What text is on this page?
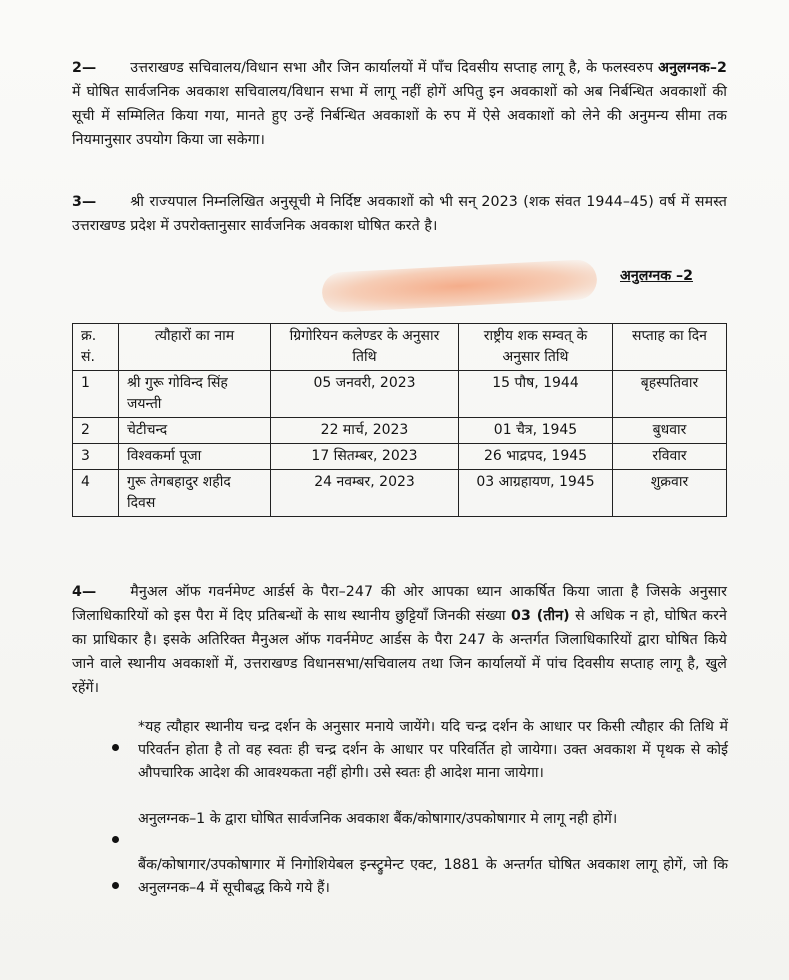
2— उत्तराखण्ड सचिवालय/विधान सभा और जिन कार्यालयों में पाँच दिवसीय सप्ताह लागू है, के फलस्वरुप अनुलग्नक–2 में घोषित सार्वजनिक अवकाश सचिवालय/विधान सभा में लागू नहीं होगें अपितु इन अवकाशों को अब निर्बन्धित अवकाशों की सूची में सम्मिलित किया गया, मानते हुए उन्हें निर्बन्धित अवकाशों के रुप में ऐसे अवकाशों को लेने की अनुमन्य सीमा तक नियमानुसार उपयोग किया जा सकेगा।

3— श्री राज्यपाल निम्नलिखित अनुसूची मे निर्दिष्ट अवकाशों को भी सन् 2023 (शक संवत 1944–45) वर्ष में समस्त उत्तराखण्ड प्रदेश में उपरोक्तानुसार सार्वजनिक अवकाश घोषित करते है।

अनुलग्नक –2
क्र. सं.	त्यौहारों का नाम	ग्रिगोरियन कलेण्डर के अनुसार तिथि	राष्ट्रीय शक सम्वत् के अनुसार तिथि	सप्ताह का दिन
1	श्री गुरू गोविन्द सिंह जयन्ती	05 जनवरी, 2023	15 पौष, 1944	बृहस्पतिवार
2	चेटीचन्द	22 मार्च, 2023	01 चैत्र, 1945	बुधवार
3	विश्वकर्मा पूजा	17 सितम्बर, 2023	26 भाद्रपद, 1945	रविवार
4	गुरू तेगबहादुर शहीद दिवस	24 नवम्बर, 2023	03 आग्रहायण, 1945	शुक्रवार

4— मैनुअल ऑफ गवर्नमेण्ट आर्डर्स के पैरा–247 की ओर आपका ध्यान आकर्षित किया जाता है जिसके अनुसार जिलाधिकारियों को इस पैरा में दिए प्रतिबन्धों के साथ स्थानीय छुट्टियाँ जिनकी संख्या 03 (तीन) से अधिक न हो, घोषित करने का प्राधिकार है। इसके अतिरिक्त मैनुअल ऑफ गवर्नमेण्ट आर्डस के पैरा 247 के अन्तर्गत जिलाधिकारियों द्वारा घोषित किये जाने वाले स्थानीय अवकाशों में, उत्तराखण्ड विधानसभा/सचिवालय तथा जिन कार्यालयों में पांच दिवसीय सप्ताह लागू है, खुले रहेंगें।

*यह त्यौहार स्थानीय चन्द्र दर्शन के अनुसार मनाये जायेंगे। यदि चन्द्र दर्शन के आधार पर किसी त्यौहार की तिथि में परिवर्तन होता है तो वह स्वतः ही चन्द्र दर्शन के आधार पर परिवर्तित हो जायेगा। उक्त अवकाश में पृथक से कोई औपचारिक आदेश की आवश्यकता नहीं होगी। उसे स्वतः ही आदेश माना जायेगा।
अनुलग्नक–1 के द्वारा घोषित सार्वजनिक अवकाश बैंक/कोषागार/उपकोषागार मे लागू नही होगें।
बैंक/कोषागार/उपकोषागार में निगोशियेबल इन्स्ट्रुमेन्ट एक्ट, 1881 के अन्तर्गत घोषित अवकाश लागू होगें, जो कि अनुलग्नक–4 में सूचीबद्ध किये गये हैं।
